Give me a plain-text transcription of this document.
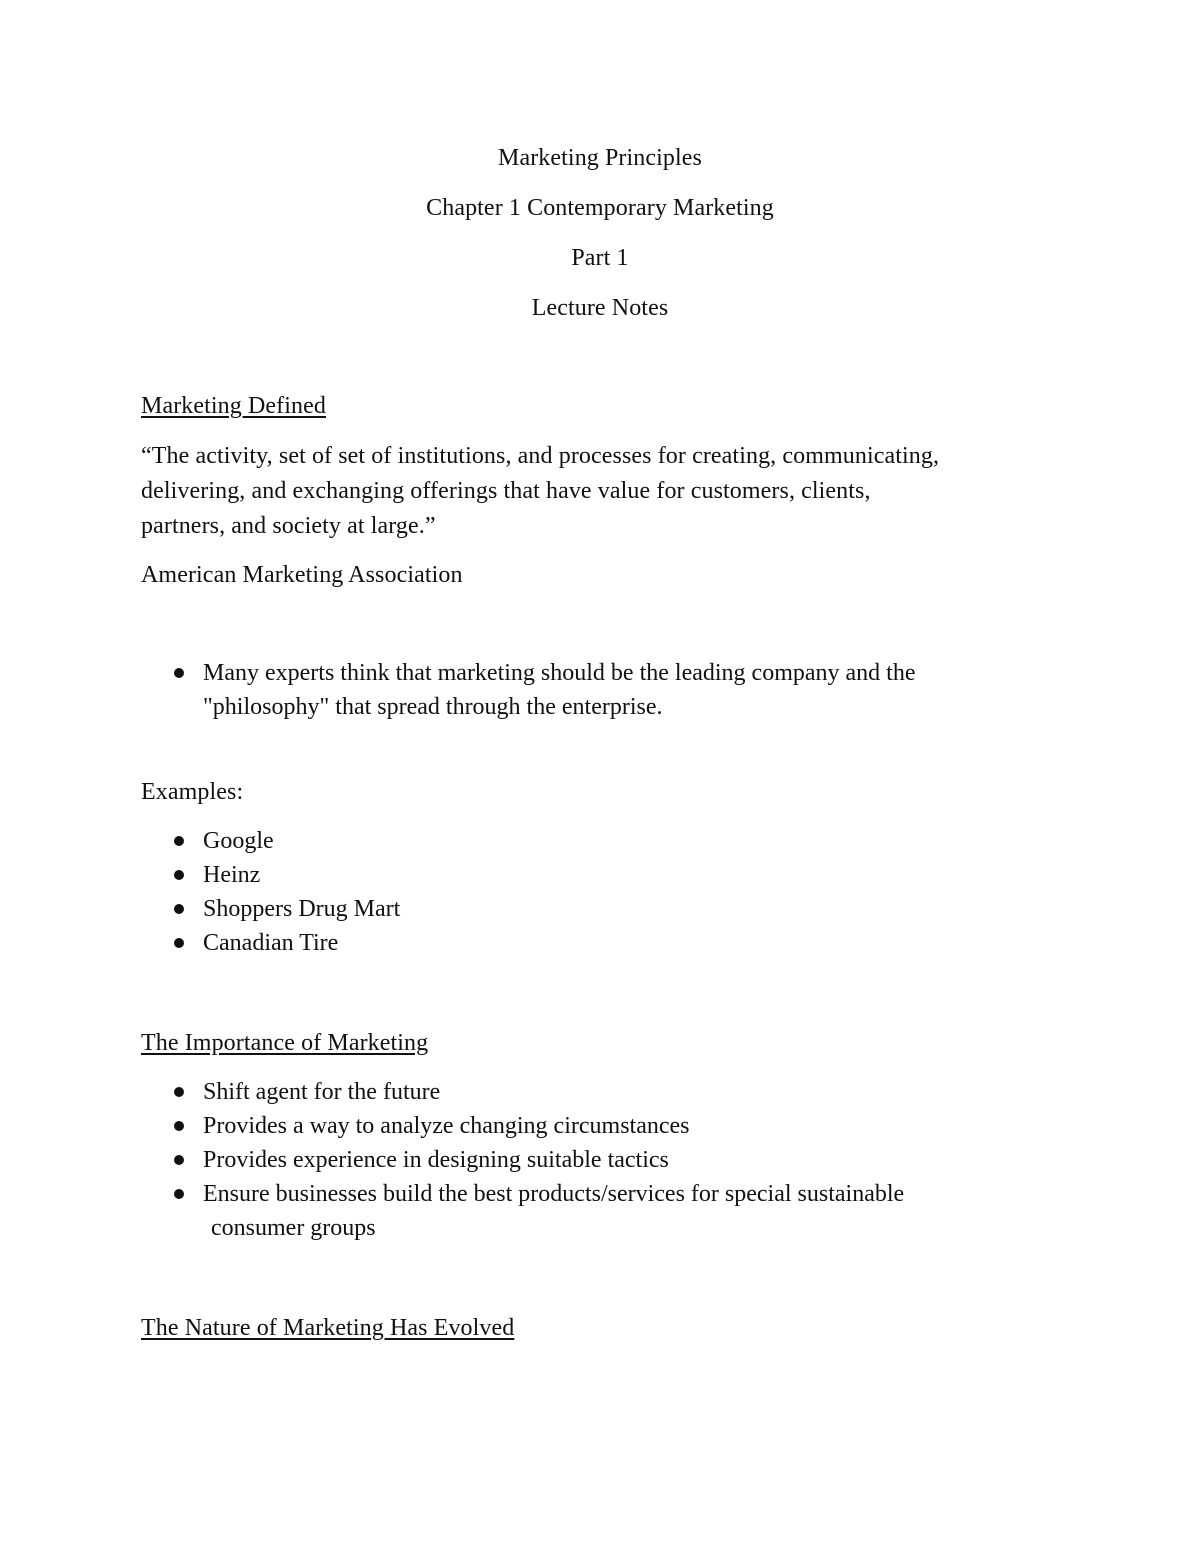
Marketing Principles
Chapter 1 Contemporary Marketing
Part 1
Lecture Notes
Marketing Defined
“The activity, set of set of institutions, and processes for creating, communicating,
delivering, and exchanging offerings that have value for customers, clients,
partners, and society at large.”
American Marketing Association
Many experts think that marketing should be the leading company and the
"philosophy" that spread through the enterprise.
Examples:
Google
Heinz
Shoppers Drug Mart
Canadian Tire
The Importance of Marketing
Shift agent for the future
Provides a way to analyze changing circumstances
Provides experience in designing suitable tactics
Ensure businesses build the best products/services for special sustainable
consumer groups
The Nature of Marketing Has Evolved
